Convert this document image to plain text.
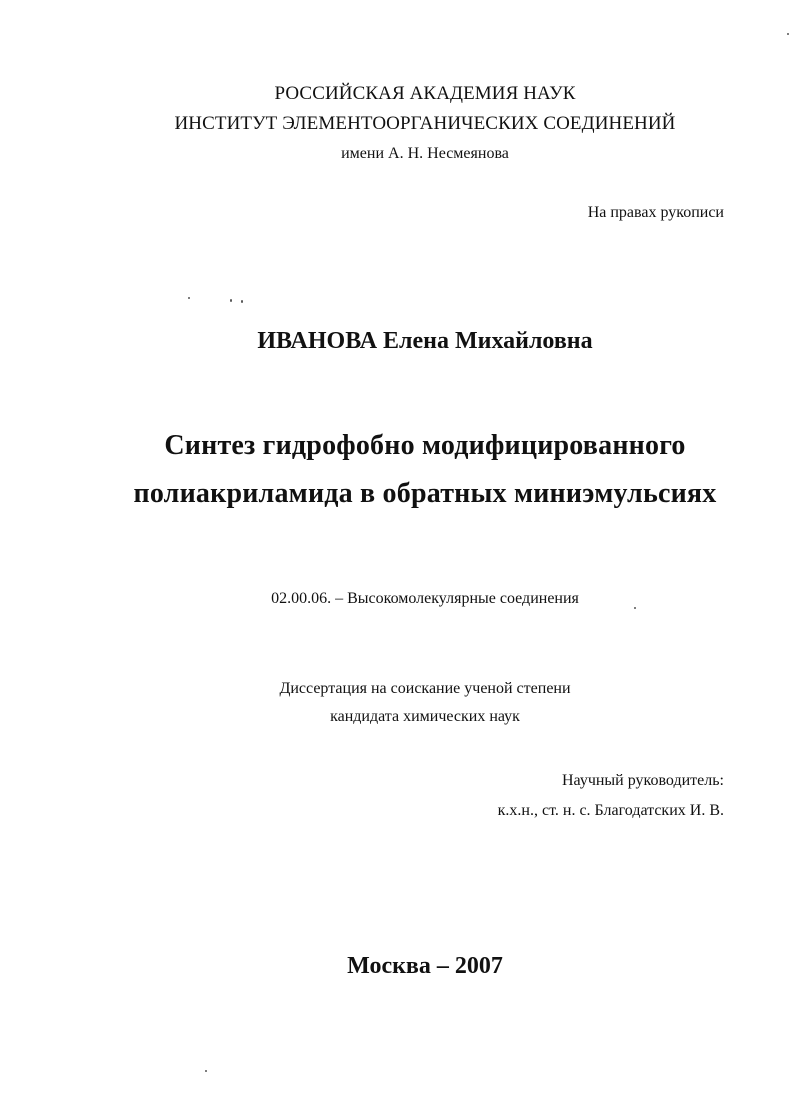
РОССИЙСКАЯ АКАДЕМИЯ НАУК
ИНСТИТУТ ЭЛЕМЕНТООРГАНИЧЕСКИХ СОЕДИНЕНИЙ
имени А. Н. Несмеянова
На правах рукописи
ИВАНОВА Елена Михайловна
Синтез гидрофобно модифицированного
полиакриламида в обратных миниэмульсиях
02.00.06. – Высокомолекулярные соединения
Диссертация на соискание ученой степени
кандидата химических наук
Научный руководитель:
к.х.н., ст. н. с. Благодатских И. В.
Москва – 2007
